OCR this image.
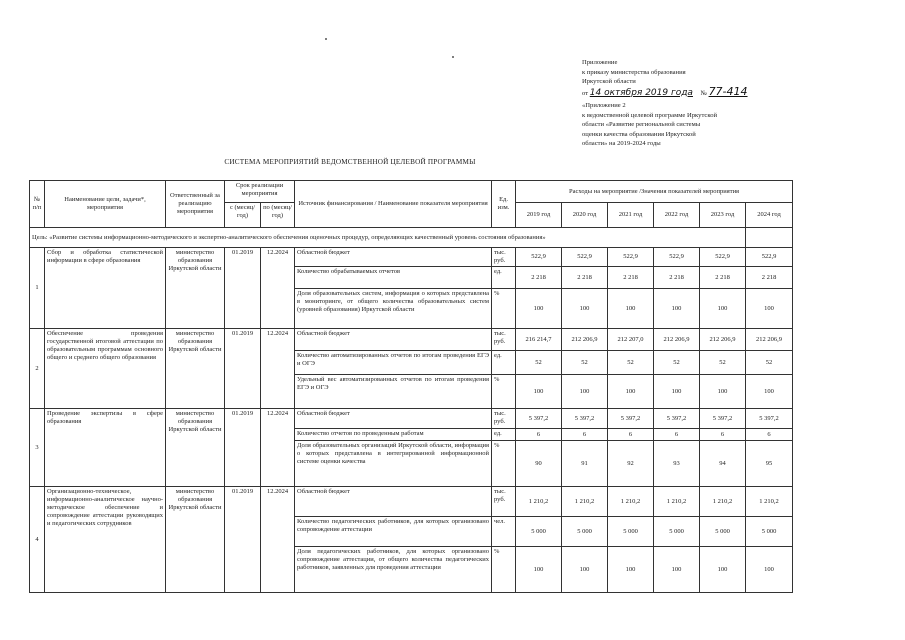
Приложение
к приказу министерства образования
Иркутской области
от 14 октября 2019 года № 77-414
«Приложение 2
к ведомственной целевой программе Иркутской
области «Развитие региональной системы
оценки качества образования Иркутской
области» на 2019-2024 годы
СИСТЕМА МЕРОПРИЯТИЙ ВЕДОМСТВЕННОЙ ЦЕЛЕВОЙ ПРОГРАММЫ
№ п/п	Наименование цели, задачи*, мероприятия	Ответственный за реализацию мероприятия	Срок реализации мероприятия		Источник финансирования / Наименование показателя мероприятия	Ед. изм.	Расходы на мероприятие /Значения показателей мероприятия					
			с (месяц/ год)	по (месяц/ год)			2019 год	2020 год	2021 год	2022 год	2023 год	2024 год
Цель: «Развитие системы информационно-методического и экспертно-аналитического обеспечения оценочных процедур, определяющих качественный уровень состояния образования»												
1	Сбор и обработка статистической информации в сфере образования	министерство образования Иркутской области	01.2019	12.2024	Областной бюджет	тыс. руб.	522,9	522,9	522,9	522,9	522,9	522,9
					Количество обрабатываемых отчетов	ед.	2 218	2 218	2 218	2 218	2 218	2 218
					Доля образовательных систем, информация о которых представлена в мониторинге, от общего количества образовательных систем (уровней образования) Иркутской области	%	100	100	100	100	100	100
2	Обеспечение проведения государственной итоговой аттестации по образовательным программам основного общего и среднего общего образования	министерство образования Иркутской области	01.2019	12.2024	Областной бюджет	тыс. руб.	216 214,7	212 206,9	212 207,0	212 206,9	212 206,9	212 206,9
					Количество автоматизированных отчетов по итогам проведения ЕГЭ и ОГЭ	ед.	52	52	52	52	52	52
					Удельный вес автоматизированных отчетов по итогам проведения ЕГЭ и ОГЭ	%	100	100	100	100	100	100
3	Проведение экспертизы в сфере образования	министерство образования Иркутской области	01.2019	12.2024	Областной бюджет	тыс. руб.	5 397,2	5 397,2	5 397,2	5 397,2	5 397,2	5 397,2
					Количество отчетов по проведенным работам	ед.	6	6	6	6	6	6
					Доля образовательных организаций Иркутской области, информация о которых представлена в интегрированной информационной системе оценки качества	%	90	91	92	93	94	95
4	Организационно-техническое, информационно-аналитическое научно-методическое обеспечение и сопровождение аттестации руководящих и педагогических сотрудников	министерство образования Иркутской области	01.2019	12.2024	Областной бюджет	тыс. руб.	1 210,2	1 210,2	1 210,2	1 210,2	1 210,2	1 210,2
					Количество педагогических работников, для которых организовано сопровождение аттестации	чел.	5 000	5 000	5 000	5 000	5 000	5 000
					Доля педагогических работников, для которых организовано сопровождение аттестации, от общего количества педагогических работников, заявленных для проведения аттестации	%	100	100	100	100	100	100
